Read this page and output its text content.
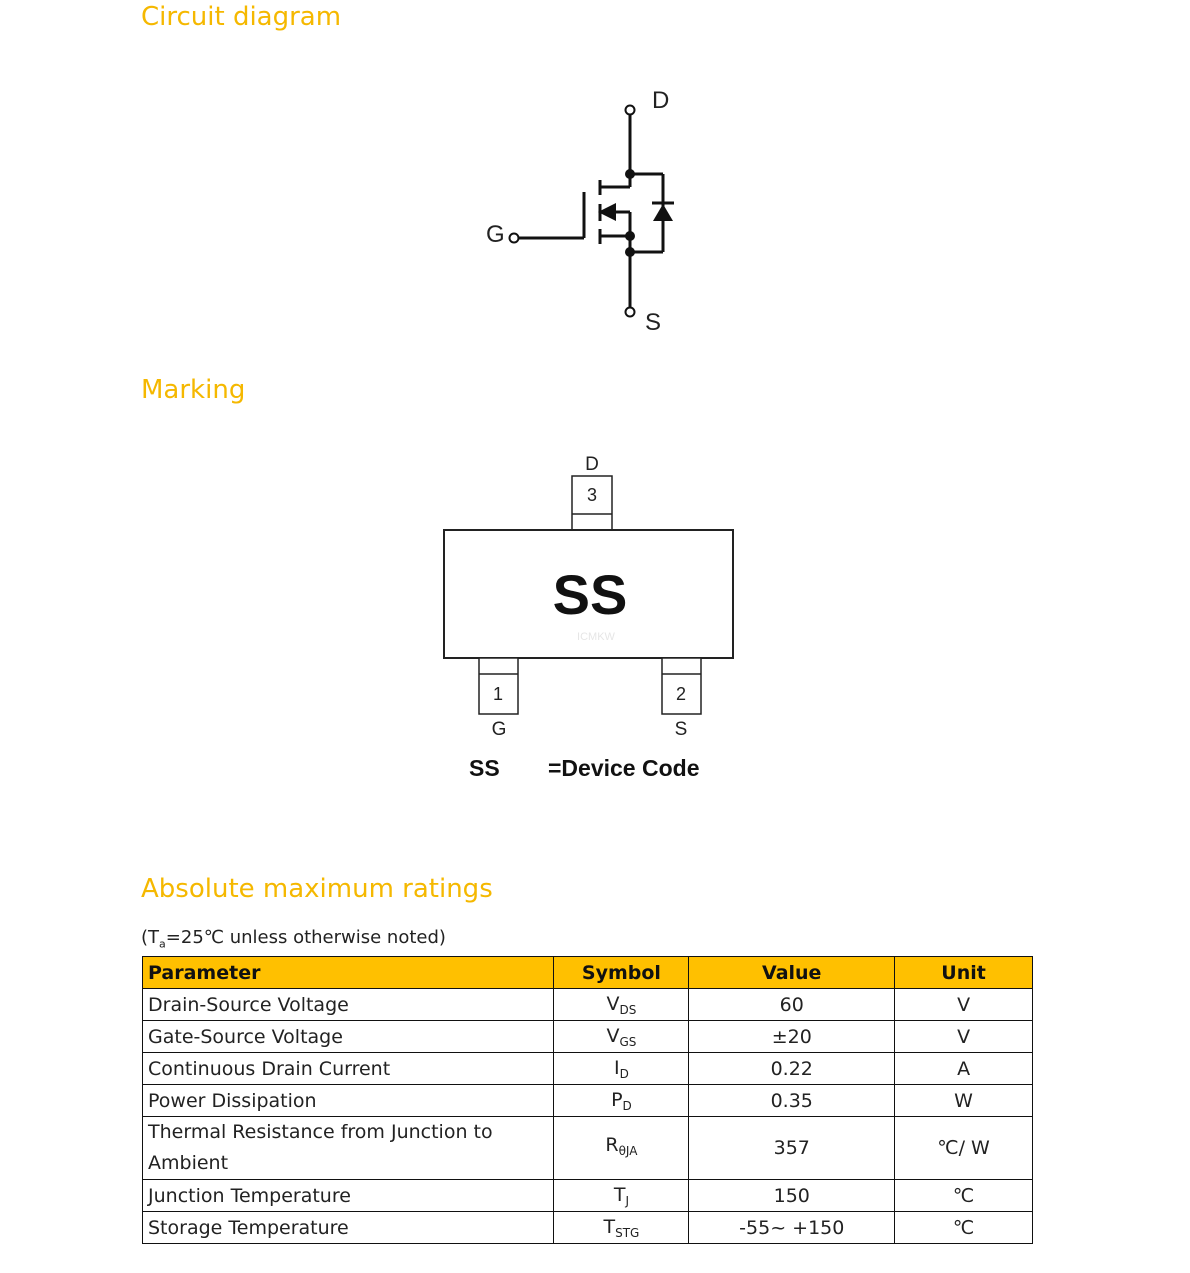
Circuit diagram
D
G
S
Marking
D
3
SS
ICMKW
1
G
2
S
SS =Device Code
Absolute maximum ratings
($T_a=25℃$ unless otherwise noted)
Parameter	Symbol	Value	Unit
Drain-Source Voltage	$V_{DS}$	60	V
Gate-Source Voltage	$V_{GS}$	±20	V
Continuous Drain Current	$I_D$	0.22	A
Power Dissipation	$P_D$	0.35	W
Thermal Resistance from Junction to Ambient	$R_{\theta JA}$	357	℃/ W
Junction Temperature	$T_J$	150	℃
Storage Temperature	$T_{STG}$	-55~ +150	℃
